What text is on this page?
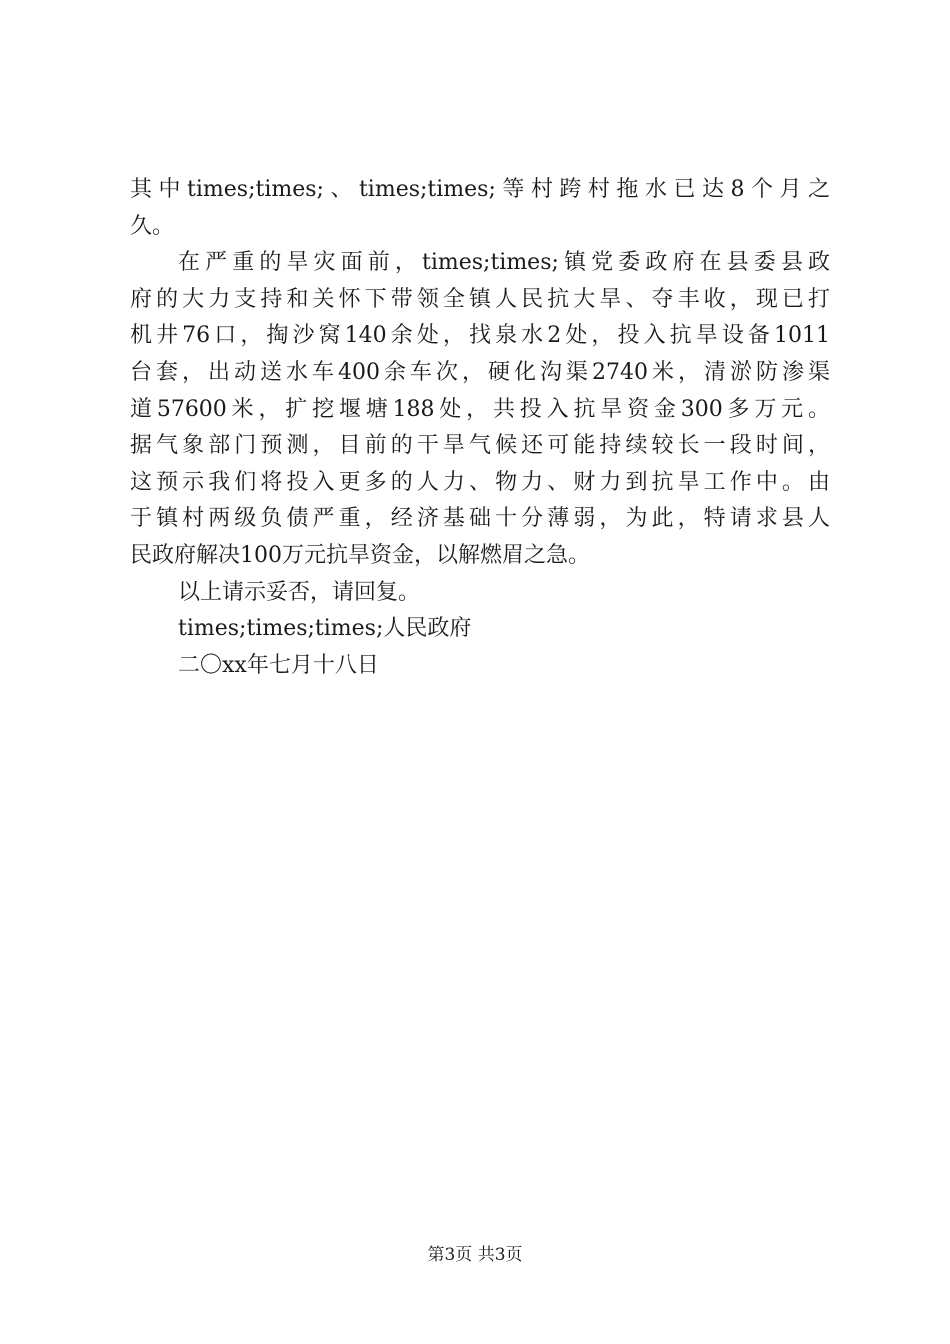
其中times;times;、times;times;等村跨村拖水已达8个月之
久。
在严重的旱灾面前，times;times;镇党委政府在县委县政
府的大力支持和关怀下带领全镇人民抗大旱、夺丰收，现已打
机井76口，掏沙窝140余处，找泉水2处，投入抗旱设备1011
台套，出动送水车400余车次，硬化沟渠2740米，清淤防渗渠
道57600米，扩挖堰塘188处，共投入抗旱资金300多万元。
据气象部门预测，目前的干旱气候还可能持续较长一段时间，
这预示我们将投入更多的人力、物力、财力到抗旱工作中。由
于镇村两级负债严重，经济基础十分薄弱，为此，特请求县人
民政府解决100万元抗旱资金，以解燃眉之急。
以上请示妥否，请回复。
times;times;times;人民政府
二〇xx年七月十八日
第3页 共3页
